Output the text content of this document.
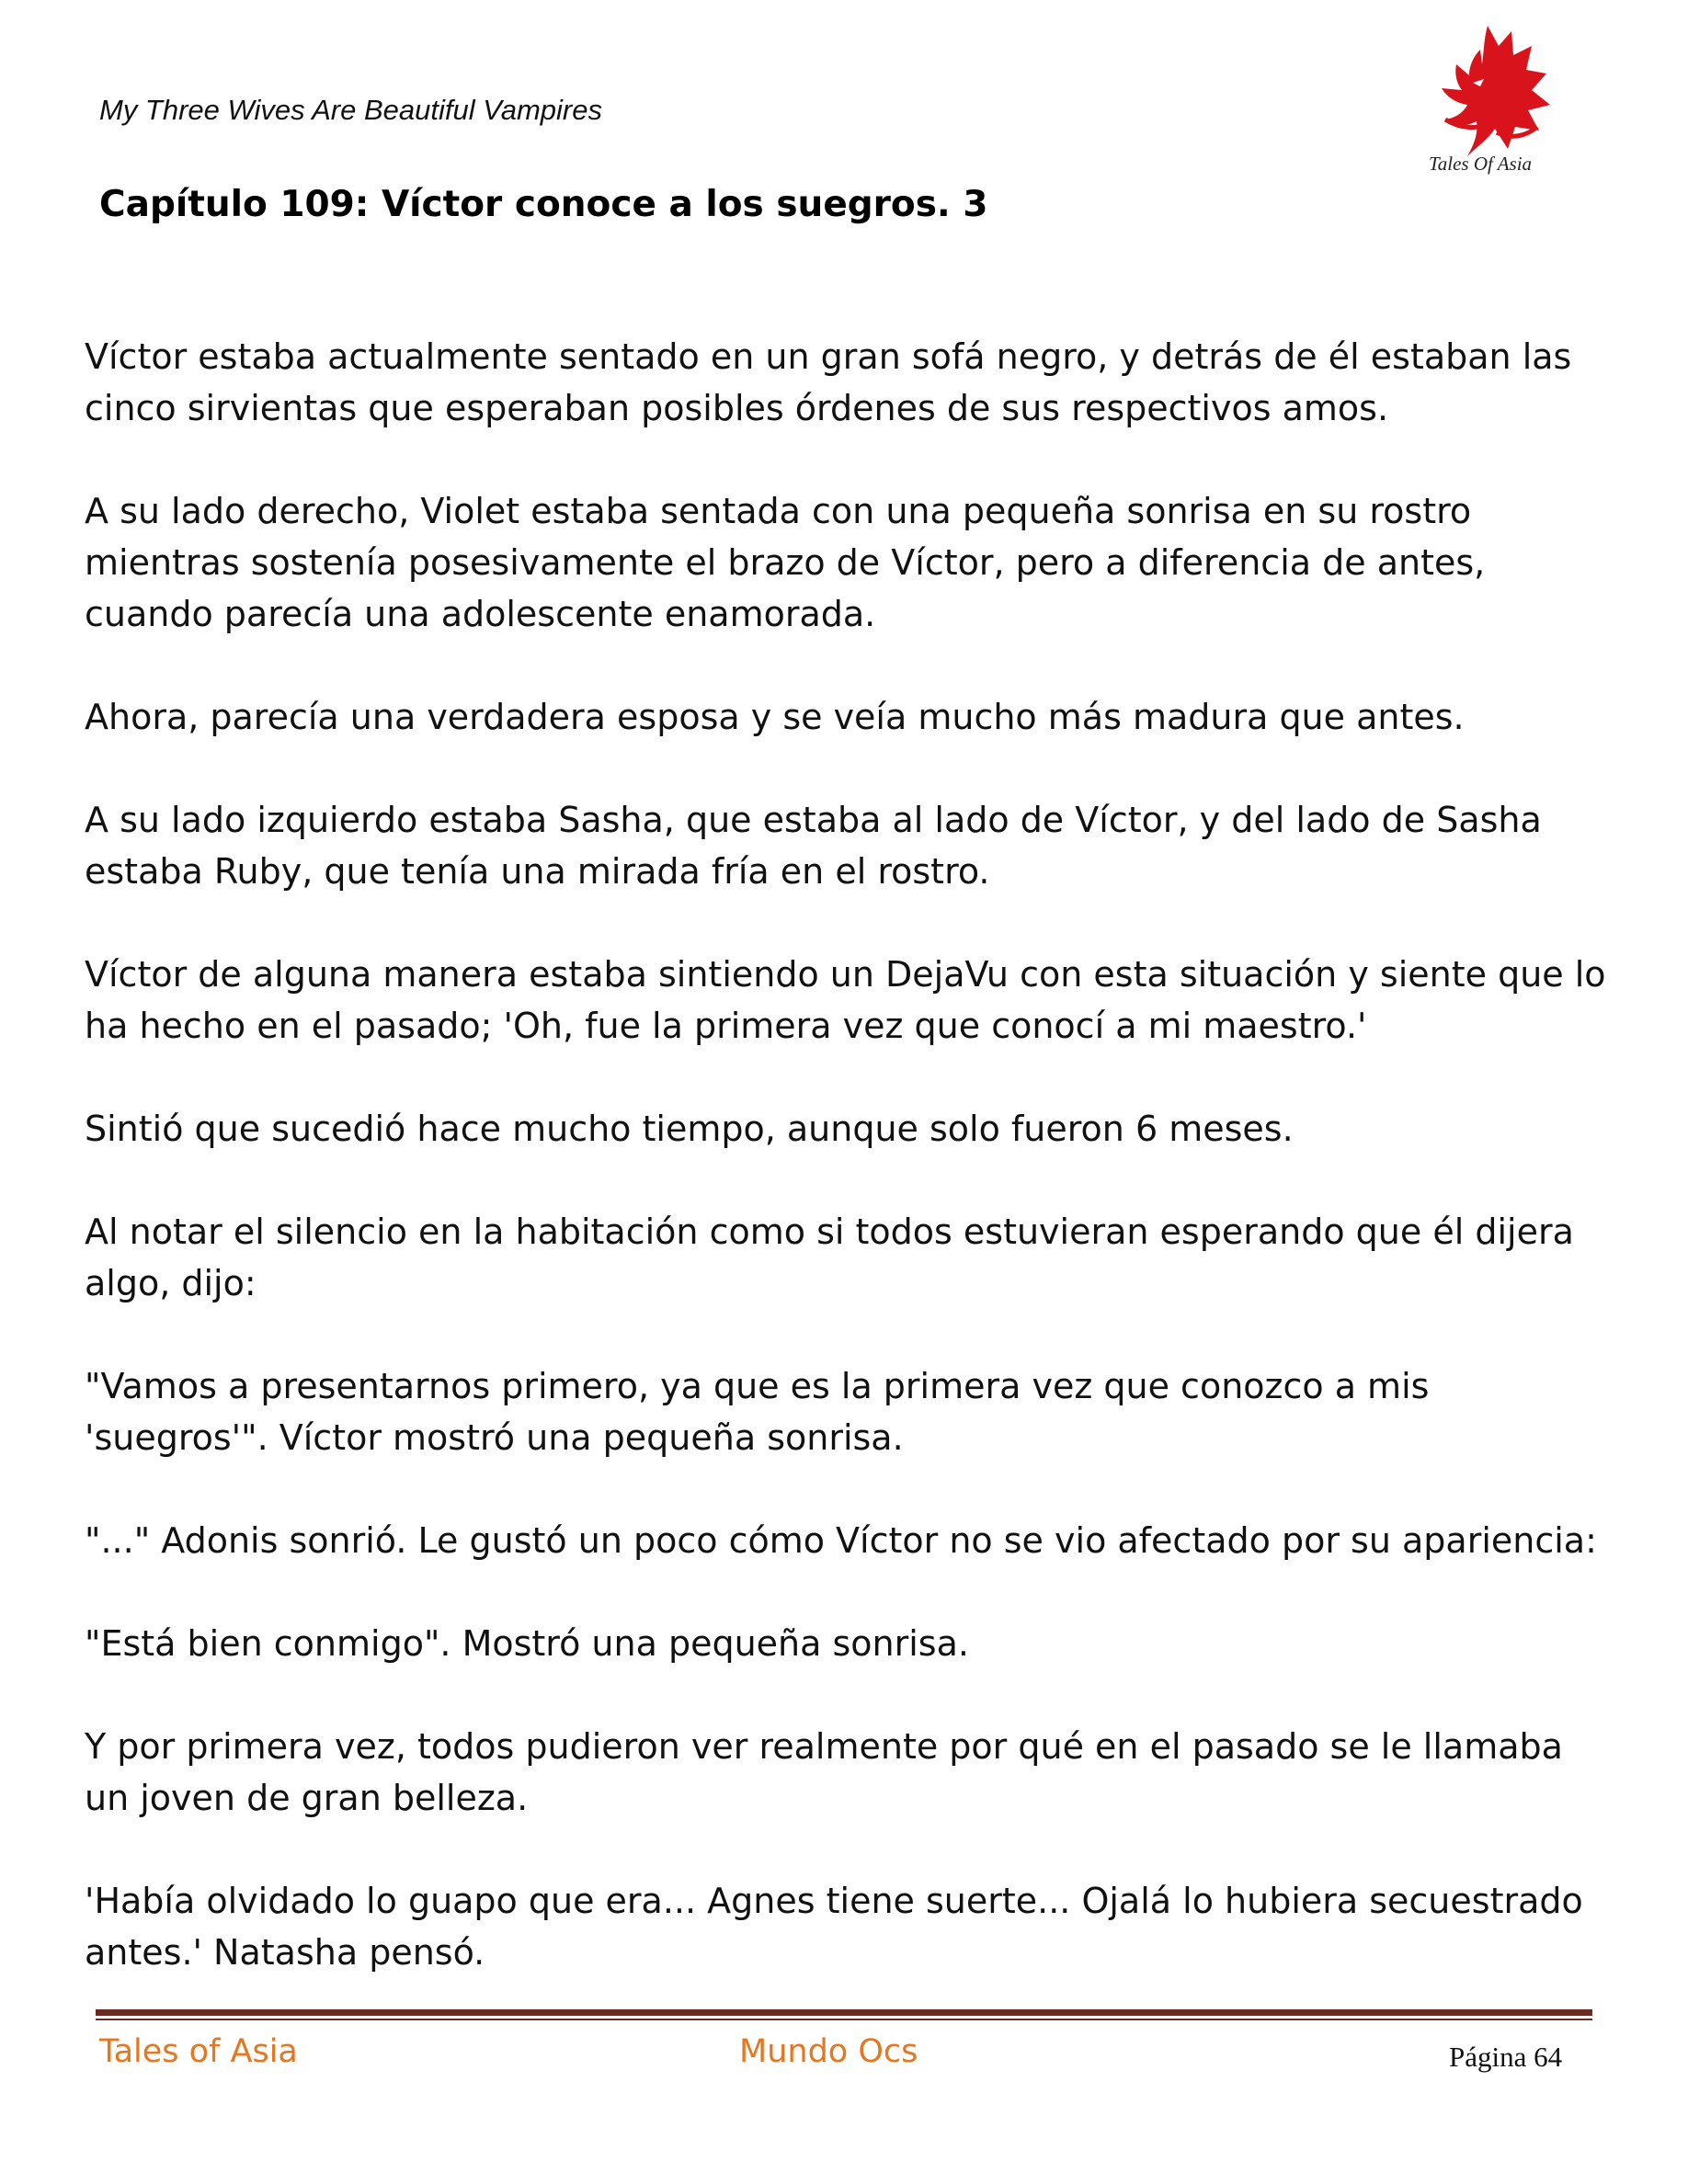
My Three Wives Are Beautiful Vampires

Tales Of Asia
Capítulo 109: Víctor conoce a los suegros. 3

Víctor estaba actualmente sentado en un gran sofá negro, y detrás de él estaban las cinco sirvientas que esperaban posibles órdenes de sus respectivos amos.

A su lado derecho, Violet estaba sentada con una pequeña sonrisa en su rostro mientras sostenía posesivamente el brazo de Víctor, pero a diferencia de antes, cuando parecía una adolescente enamorada.

Ahora, parecía una verdadera esposa y se veía mucho más madura que antes.

A su lado izquierdo estaba Sasha, que estaba al lado de Víctor, y del lado de Sasha estaba Ruby, que tenía una mirada fría en el rostro.

Víctor de alguna manera estaba sintiendo un DejaVu con esta situación y siente que lo ha hecho en el pasado; 'Oh, fue la primera vez que conocí a mi maestro.'

Sintió que sucedió hace mucho tiempo, aunque solo fueron 6 meses.

Al notar el silencio en la habitación como si todos estuvieran esperando que él dijera algo, dijo:

"Vamos a presentarnos primero, ya que es la primera vez que conozco a mis 'suegros'". Víctor mostró una pequeña sonrisa.

"..." Adonis sonrió. Le gustó un poco cómo Víctor no se vio afectado por su apariencia:

"Está bien conmigo". Mostró una pequeña sonrisa.

Y por primera vez, todos pudieron ver realmente por qué en el pasado se le llamaba un joven de gran belleza.

'Había olvidado lo guapo que era... Agnes tiene suerte... Ojalá lo hubiera secuestrado antes.' Natasha pensó.

Tales of Asia	Mundo Ocs	Página 64
